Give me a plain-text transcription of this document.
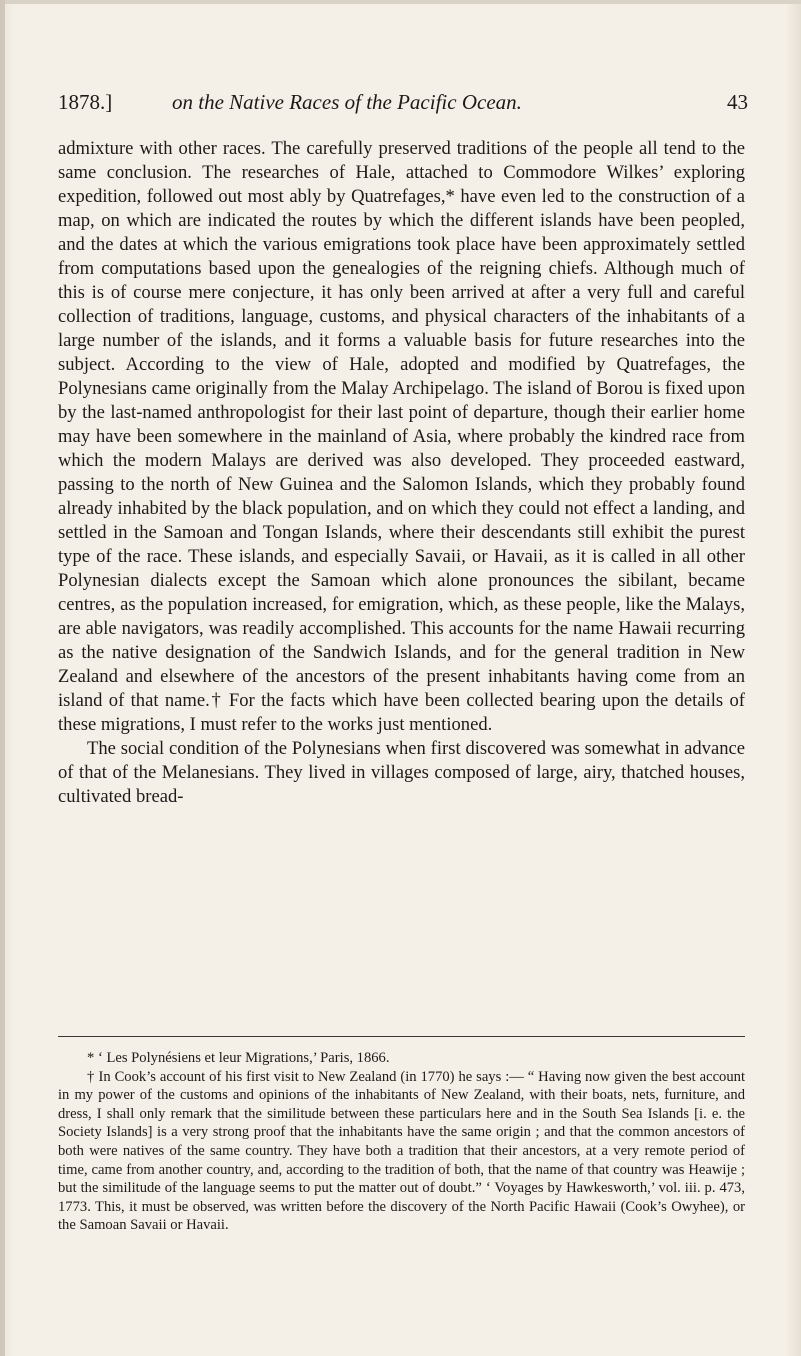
1878.]	on the Native Races of the Pacific Ocean.	43

admixture with other races. The carefully preserved traditions of the people all tend to the same conclusion. The researches of Hale, attached to Commodore Wilkes’ exploring expedition, followed out most ably by Quatrefages,* have even led to the construction of a map, on which are indicated the routes by which the different islands have been peopled, and the dates at which the various emigrations took place have been approximately settled from computations based upon the genealogies of the reigning chiefs. Although much of this is of course mere conjecture, it has only been arrived at after a very full and careful collection of traditions, language, customs, and physical characters of the inhabitants of a large number of the islands, and it forms a valuable basis for future researches into the subject. According to the view of Hale, adopted and modified by Quatrefages, the Polynesians came originally from the Malay Archipelago. The island of Borou is fixed upon by the last-named anthropologist for their last point of departure, though their earlier home may have been somewhere in the mainland of Asia, where probably the kindred race from which the modern Malays are derived was also developed. They proceeded eastward, passing to the north of New Guinea and the Salomon Islands, which they probably found already inhabited by the black population, and on which they could not effect a landing, and settled in the Samoan and Tongan Islands, where their descendants still exhibit the purest type of the race. These islands, and especially Savaii, or Havaii, as it is called in all other Polynesian dialects except the Samoan which alone pronounces the sibilant, became centres, as the population increased, for emigration, which, as these people, like the Malays, are able navigators, was readily accomplished. This accounts for the name Hawaii recurring as the native designation of the Sandwich Islands, and for the general tradition in New Zealand and elsewhere of the ancestors of the present inhabitants having come from an island of that name.† For the facts which have been collected bearing upon the details of these migrations, I must refer to the works just mentioned.

The social condition of the Polynesians when first discovered was somewhat in advance of that of the Melanesians. They lived in villages composed of large, airy, thatched houses, cultivated bread-

* ‘ Les Polynésiens et leur Migrations,’ Paris, 1866.

† In Cook’s account of his first visit to New Zealand (in 1770) he says :— “ Having now given the best account in my power of the customs and opinions of the inhabitants of New Zealand, with their boats, nets, furniture, and dress, I shall only remark that the similitude between these particulars here and in the South Sea Islands [i. e. the Society Islands] is a very strong proof that the inhabitants have the same origin ; and that the common ancestors of both were natives of the same country. They have both a tradition that their ancestors, at a very remote period of time, came from another country, and, according to the tradition of both, that the name of that country was Heawije ; but the similitude of the language seems to put the matter out of doubt.” ‘ Voyages by Hawkesworth,’ vol. iii. p. 473, 1773. This, it must be observed, was written before the discovery of the North Pacific Hawaii (Cook’s Owyhee), or the Samoan Savaii or Havaii.
